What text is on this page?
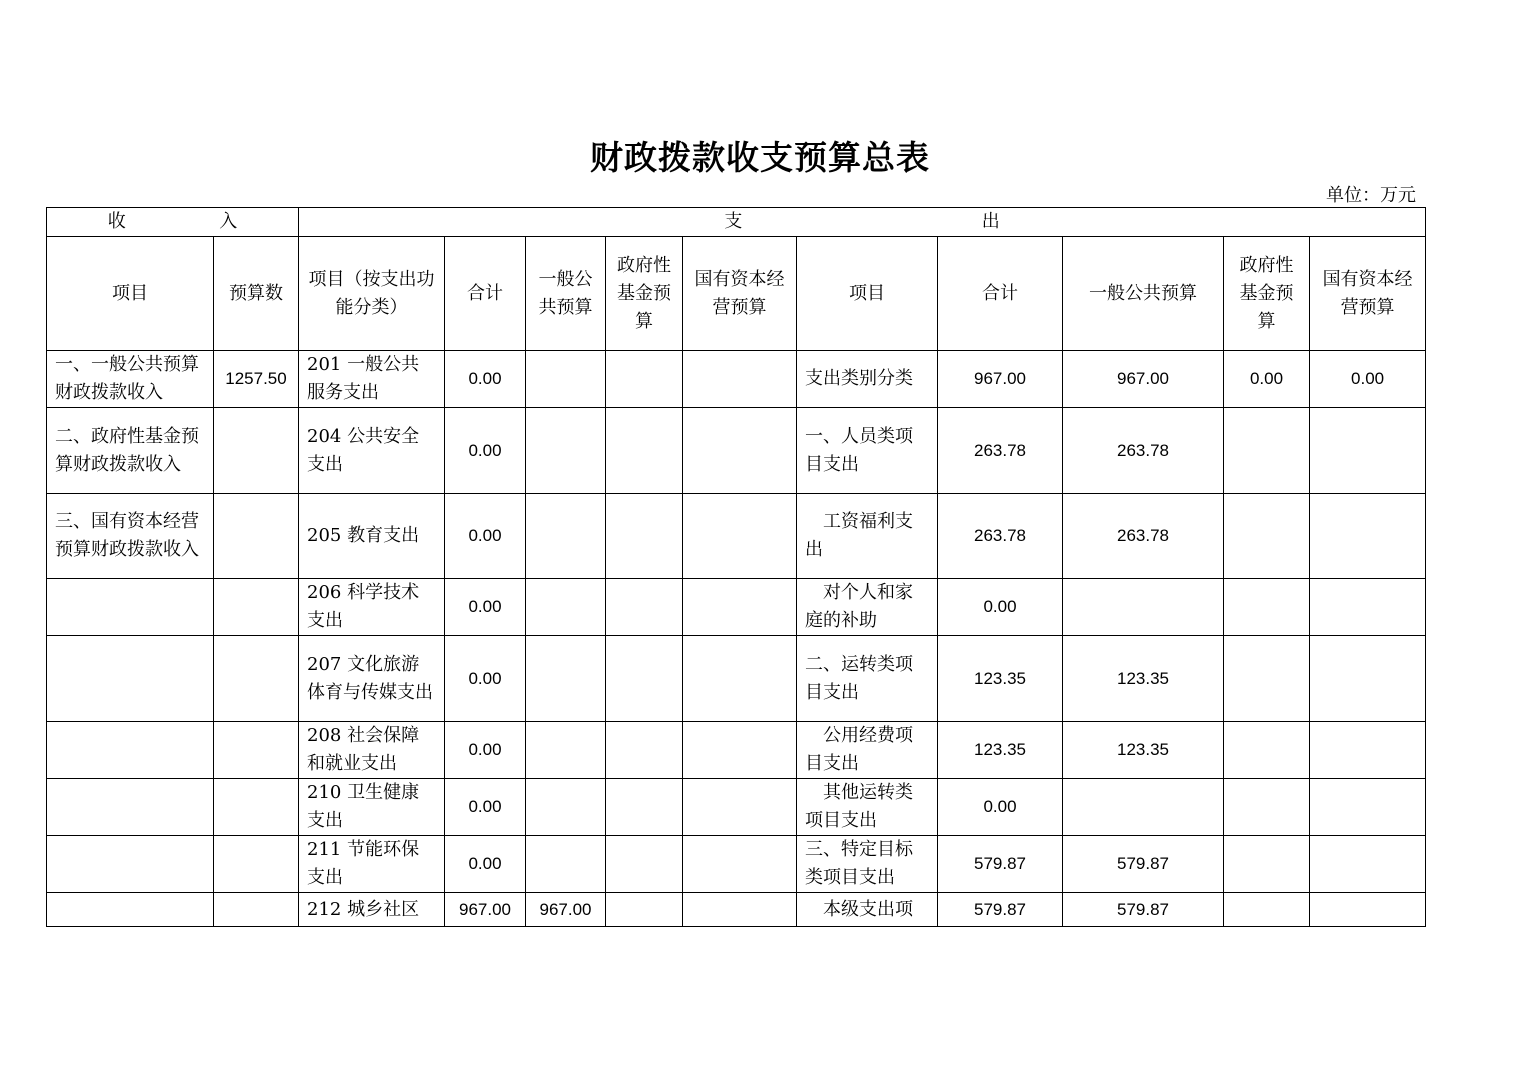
财政拨款收支预算总表
单位：万元
收 入		支 出									
项目	预算数	项目（按支出功能分类）	合计	一般公共预算	政府性基金预算	国有资本经营预算	项目	合计	一般公共预算	政府性基金预算	国有资本经营预算
一、一般公共预算财政拨款收入	1257.50	201 一般公共服务支出	0.00				支出类别分类	967.00	967.00	0.00	0.00
二、政府性基金预算财政拨款收入		204 公共安全支出	0.00				一、人员类项目支出	263.78	263.78		
三、国有资本经营预算财政拨款收入		205 教育支出	0.00				工资福利支出	263.78	263.78		
		206 科学技术支出	0.00				对个人和家庭的补助	0.00			
		207 文化旅游体育与传媒支出	0.00				二、运转类项目支出	123.35	123.35		
		208 社会保障和就业支出	0.00				公用经费项目支出	123.35	123.35		
		210 卫生健康支出	0.00				其他运转类项目支出	0.00			
		211 节能环保支出	0.00				三、特定目标类项目支出	579.87	579.87		
		212 城乡社区	967.00	967.00			本级支出项	579.87	579.87		
